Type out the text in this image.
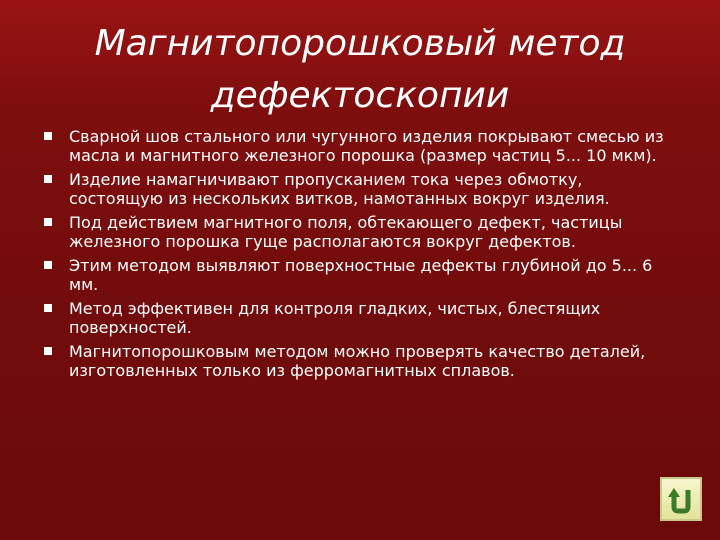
Магнитопорошковый метод
дефектоскопии
Сварной шов стального или чугунного изделия покрывают смесью из масла и магнитного железного порошка (размер частиц 5... 10 мкм).
Изделие намагничивают пропусканием тока через обмотку, состоящую из нескольких витков, намотанных вокруг изделия.
Под действием магнитного поля, обтекающего дефект, частицы железного порошка гуще располагаются вокруг дефектов.
Этим методом выявляют поверхностные дефекты глубиной до 5... 6 мм.
Метод эффективен для контроля гладких, чистых, блестящих поверхностей.
Магнитопорошковым методом можно проверять качество деталей, изготовленных только из ферромагнитных сплавов.
